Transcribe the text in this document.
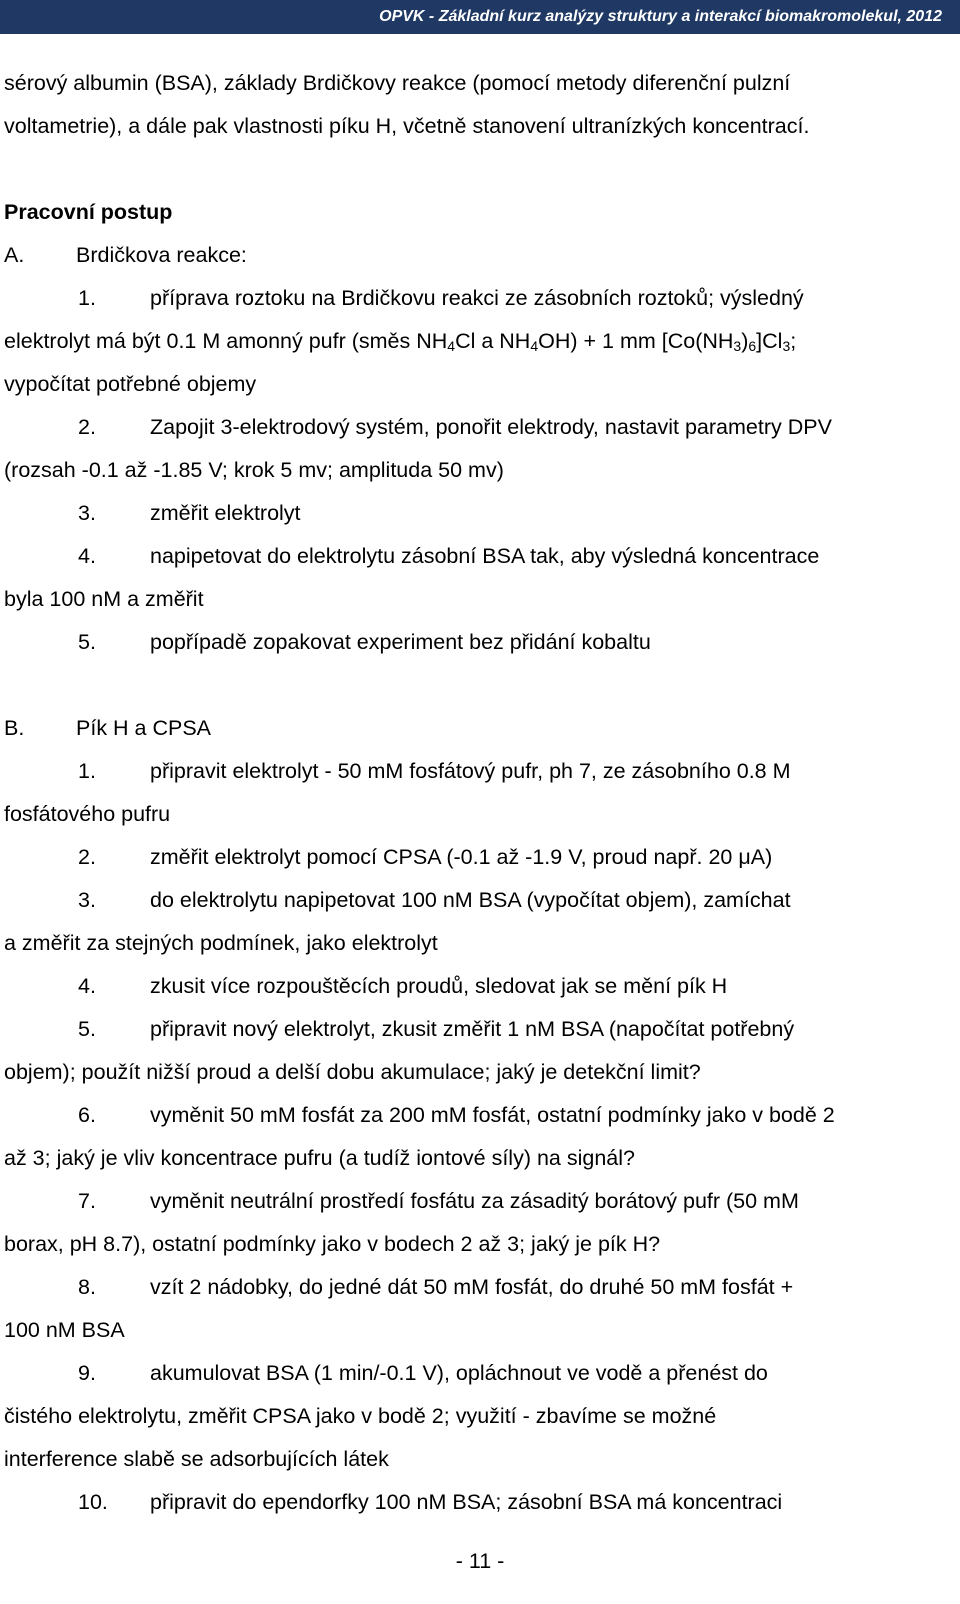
OPVK - Základní kurz analýzy struktury a interakcí biomakromolekul, 2012

sérový albumin (BSA), základy Brdičkovy reakce (pomocí metody diferenční pulzní

voltametrie), a dále pak vlastnosti píku H, včetně stanovení ultranízkých koncentrací.

Pracovní postup

A. Brdičkova reakce:

1.	příprava roztoku na Brdičkovu reakci ze zásobních roztoků; výsledný

elektrolyt má být 0.1 M amonný pufr (směs $NH_4Cl$ a $NH_4OH) + 1$ mm $[Co(NH_3)_6]Cl_3$;

vypočítat potřebné objemy

2.	Zapojit 3-elektrodový systém, ponořit elektrody, nastavit parametry DPV

(rozsah -0.1 až -1.85 V; krok 5 mv; amplituda 50 mv)

3.	změřit elektrolyt

4.	napipetovat do elektrolytu zásobní BSA tak, aby výsledná koncentrace

byla 100 nM a změřit

5.	popřípadě zopakovat experiment bez přidání kobaltu

B. Pík H a CPSA

1.	připravit elektrolyt - 50 mM fosfátový pufr, ph 7, ze zásobního 0.8 M

fosfátového pufru

2.	změřit elektrolyt pomocí CPSA (-0.1 až -1.9 V, proud např. 20 μA)

3.	do elektrolytu napipetovat 100 nM BSA (vypočítat objem), zamíchat

a změřit za stejných podmínek, jako elektrolyt

4.	zkusit více rozpouštěcích proudů, sledovat jak se mění pík H

5.	připravit nový elektrolyt, zkusit změřit 1 nM BSA (napočítat potřebný

objem); použít nižší proud a delší dobu akumulace; jaký je detekční limit?

6.	vyměnit 50 mM fosfát za 200 mM fosfát, ostatní podmínky jako v bodě 2

až 3; jaký je vliv koncentrace pufru (a tudíž iontové síly) na signál?

7.	vyměnit neutrální prostředí fosfátu za zásaditý borátový pufr (50 mM

borax, pH 8.7), ostatní podmínky jako v bodech 2 až 3; jaký je pík H?

8.	vzít 2 nádobky, do jedné dát 50 mM fosfát, do druhé 50 mM fosfát +

100 nM BSA

9.	akumulovat BSA (1 min/-0.1 V), opláchnout ve vodě a přenést do

čistého elektrolytu, změřit CPSA jako v bodě 2; využití - zbavíme se možné

interference slabě se adsorbujících látek

10. připravit do ependorfky 100 nM BSA; zásobní BSA má koncentraci

- 11 -
